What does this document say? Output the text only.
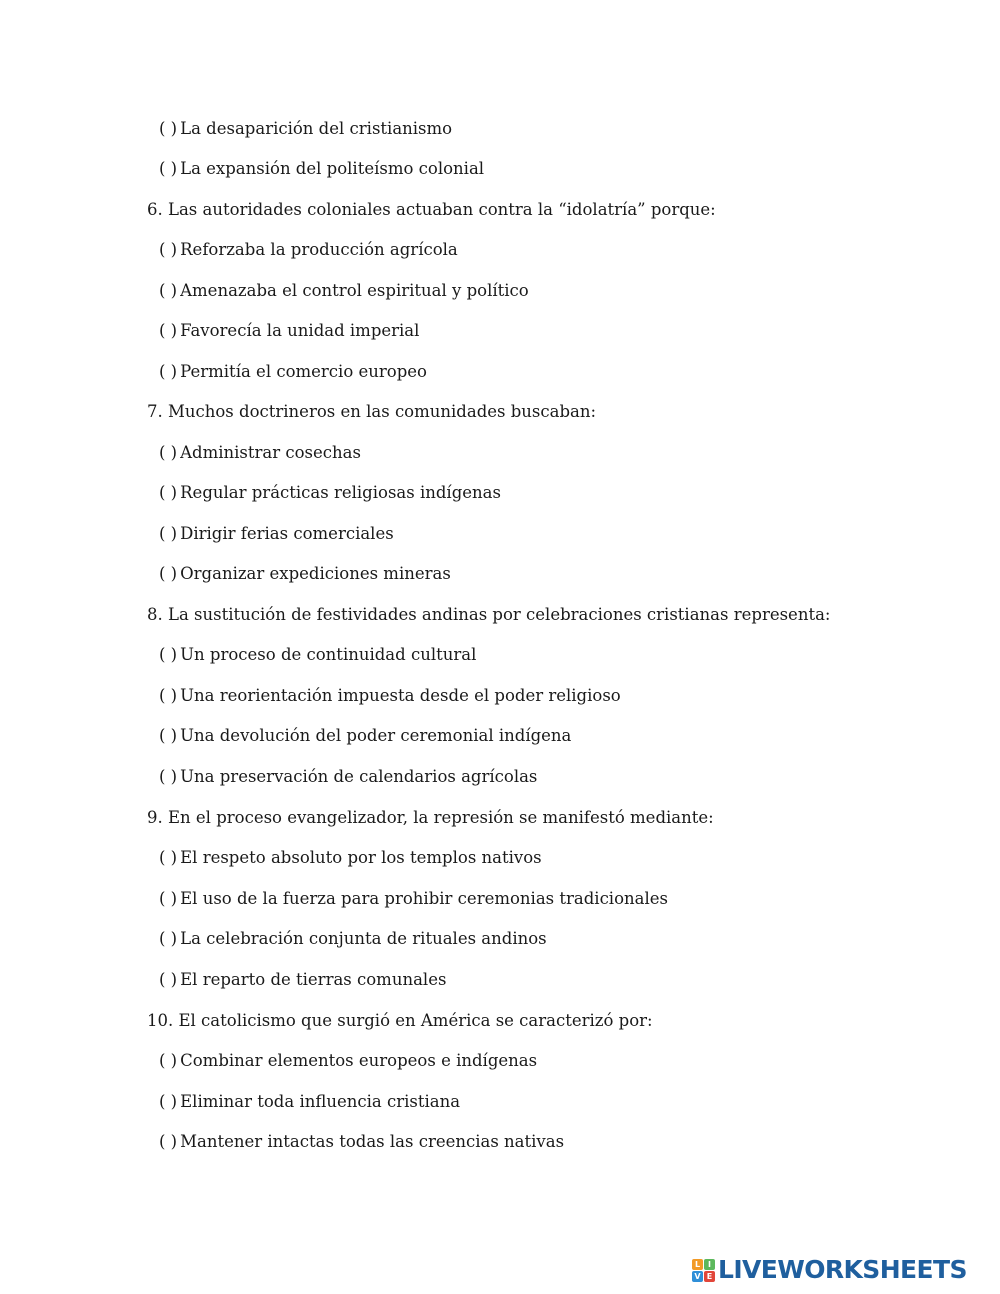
( ) La desaparición del cristianismo
( ) La expansión del politeísmo colonial
6. Las autoridades coloniales actuaban contra la “idolatría” porque:
( ) Reforzaba la producción agrícola
( ) Amenazaba el control espiritual y político
( ) Favorecía la unidad imperial
( ) Permitía el comercio europeo
7. Muchos doctrineros en las comunidades buscaban:
( ) Administrar cosechas
( ) Regular prácticas religiosas indígenas
( ) Dirigir ferias comerciales
( ) Organizar expediciones mineras
8. La sustitución de festividades andinas por celebraciones cristianas representa:
( ) Un proceso de continuidad cultural
( ) Una reorientación impuesta desde el poder religioso
( ) Una devolución del poder ceremonial indígena
( ) Una preservación de calendarios agrícolas
9. En el proceso evangelizador, la represión se manifestó mediante:
( ) El respeto absoluto por los templos nativos
( ) El uso de la fuerza para prohibir ceremonias tradicionales
( ) La celebración conjunta de rituales andinos
( ) El reparto de tierras comunales
10. El catolicismo que surgió en América se caracterizó por:
( ) Combinar elementos europeos e indígenas
( ) Eliminar toda influencia cristiana
( ) Mantener intactas todas las creencias nativas
L I
V E LIVEWORKSHEETS
